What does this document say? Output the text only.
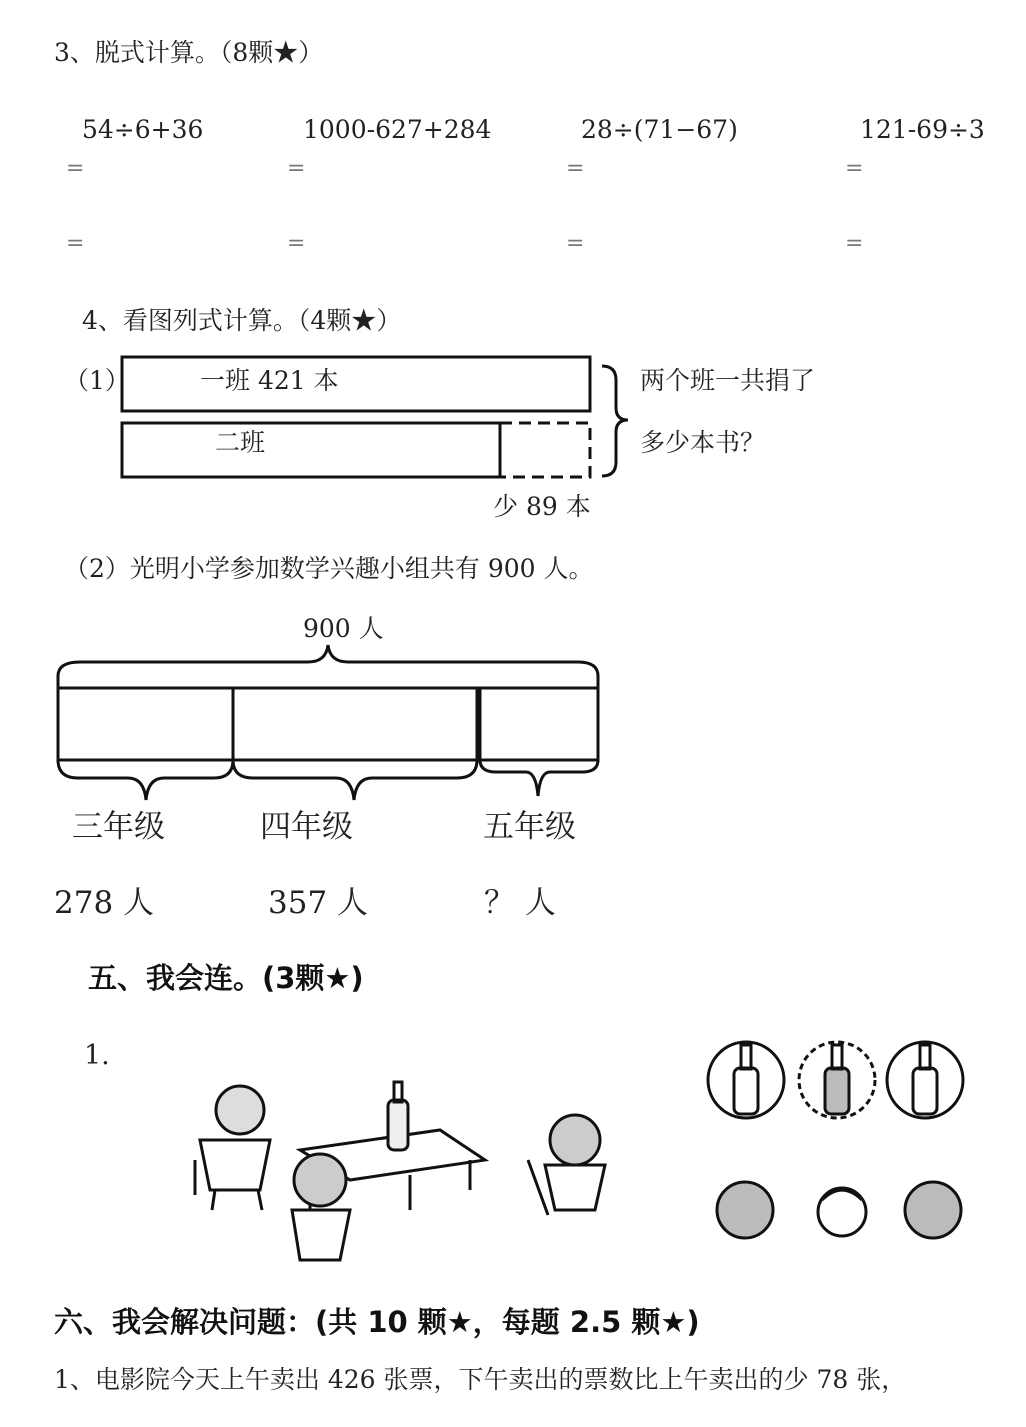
3、脱式计算。（8颗★）
54÷6+36	1000-627+284	28÷(71−67)	121-69÷3
=	=	=	=
=	=	=	=
4、看图列式计算。（4颗★）
（1）	一班 421 本
二班
两个班一共捐了
多少本书？
少 89 本
（2）光明小学参加数学兴趣小组共有 900 人。
900 人
三年级	四年级	五年级
278 人	357 人	？ 人
五、我会连。(3颗★)
1.
六、我会解决问题：(共 10 颗★，每题 2.5 颗★)
1、电影院今天上午卖出 426 张票，下午卖出的票数比上午卖出的少 78 张，
